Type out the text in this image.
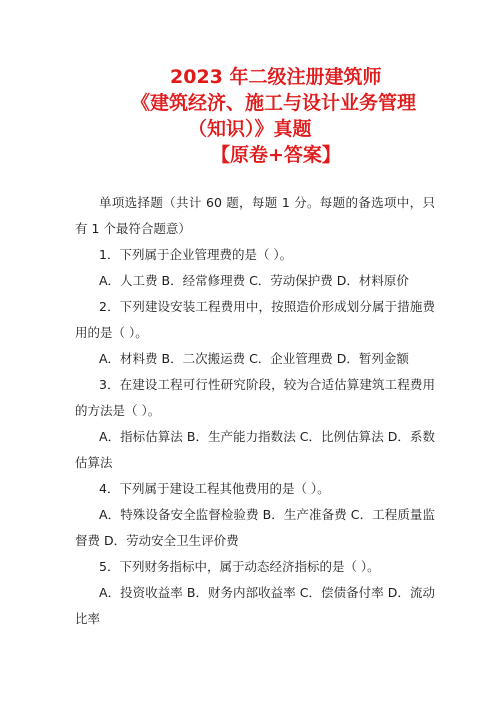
2023 年二级注册建筑师
《建筑经济、施工与设计业务管理
（知识）》真题
【原卷+答案】
单项选择题（共计 60 题，每题 1 分。每题的备选项中，只有 1 个最符合题意）
1．下列属于企业管理费的是（ ）。
A．人工费 B．经常修理费 C．劳动保护费 D．材料原价
2．下列建设安装工程费用中，按照造价形成划分属于措施费用的是（ ）。
A．材料费 B．二次搬运费 C．企业管理费 D．暂列金额
3．在建设工程可行性研究阶段，较为合适估算建筑工程费用的方法是（ ）。
A．指标估算法 B．生产能力指数法 C．比例估算法 D．系数估算法
4．下列属于建设工程其他费用的是（ ）。
A．特殊设备安全监督检验费 B．生产准备费 C．工程质量监督费 D．劳动安全卫生评价费
5．下列财务指标中，属于动态经济指标的是（ ）。
A．投资收益率 B．财务内部收益率 C．偿债备付率 D．流动比率
